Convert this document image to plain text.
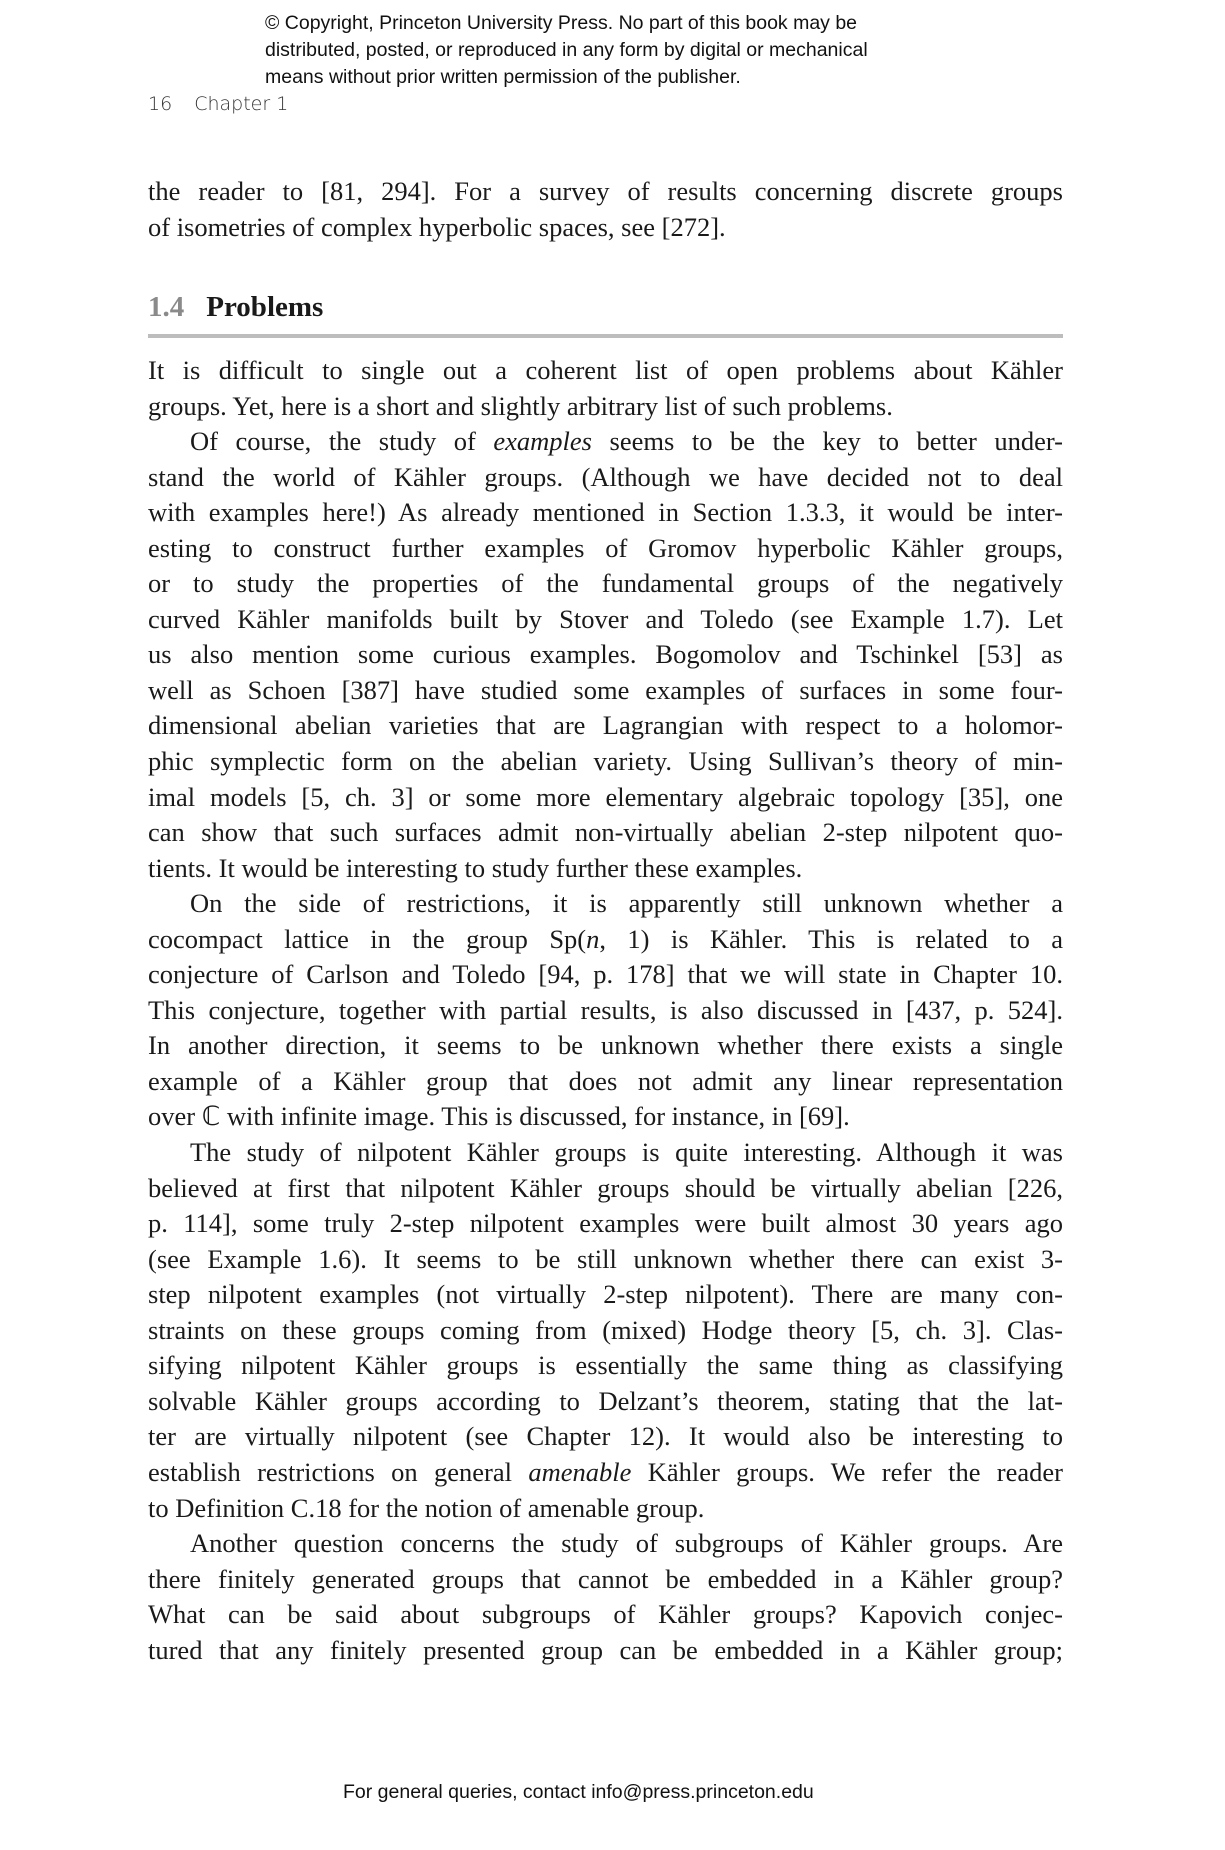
© Copyright, Princeton University Press. No part of this book may be
distributed, posted, or reproduced in any form by digital or mechanical
means without prior written permission of the publisher.
16 Chapter 1
the reader to [81, 294]. For a survey of results concerning discrete groups
of isometries of complex hyperbolic spaces, see [272].
1.4 Problems
It is difficult to single out a coherent list of open problems about Kähler
groups. Yet, here is a short and slightly arbitrary list of such problems.
Of course, the study of examples seems to be the key to better under-
stand the world of Kähler groups. (Although we have decided not to deal
with examples here!) As already mentioned in Section 1.3.3, it would be inter-
esting to construct further examples of Gromov hyperbolic Kähler groups,
or to study the properties of the fundamental groups of the negatively
curved Kähler manifolds built by Stover and Toledo (see Example 1.7). Let
us also mention some curious examples. Bogomolov and Tschinkel [53] as
well as Schoen [387] have studied some examples of surfaces in some four-
dimensional abelian varieties that are Lagrangian with respect to a holomor-
phic symplectic form on the abelian variety. Using Sullivan’s theory of min-
imal models [5, ch. 3] or some more elementary algebraic topology [35], one
can show that such surfaces admit non-virtually abelian 2-step nilpotent quo-
tients. It would be interesting to study further these examples.
On the side of restrictions, it is apparently still unknown whether a
cocompact lattice in the group Sp(n, 1) is Kähler. This is related to a
conjecture of Carlson and Toledo [94, p. 178] that we will state in Chapter 10.
This conjecture, together with partial results, is also discussed in [437, p. 524].
In another direction, it seems to be unknown whether there exists a single
example of a Kähler group that does not admit any linear representation
over ℂ with infinite image. This is discussed, for instance, in [69].
The study of nilpotent Kähler groups is quite interesting. Although it was
believed at first that nilpotent Kähler groups should be virtually abelian [226,
p. 114], some truly 2-step nilpotent examples were built almost 30 years ago
(see Example 1.6). It seems to be still unknown whether there can exist 3-
step nilpotent examples (not virtually 2-step nilpotent). There are many con-
straints on these groups coming from (mixed) Hodge theory [5, ch. 3]. Clas-
sifying nilpotent Kähler groups is essentially the same thing as classifying
solvable Kähler groups according to Delzant’s theorem, stating that the lat-
ter are virtually nilpotent (see Chapter 12). It would also be interesting to
establish restrictions on general amenable Kähler groups. We refer the reader
to Definition C.18 for the notion of amenable group.
Another question concerns the study of subgroups of Kähler groups. Are
there finitely generated groups that cannot be embedded in a Kähler group?
What can be said about subgroups of Kähler groups? Kapovich conjec-
tured that any finitely presented group can be embedded in a Kähler group;
For general queries, contact info@press.princeton.edu
